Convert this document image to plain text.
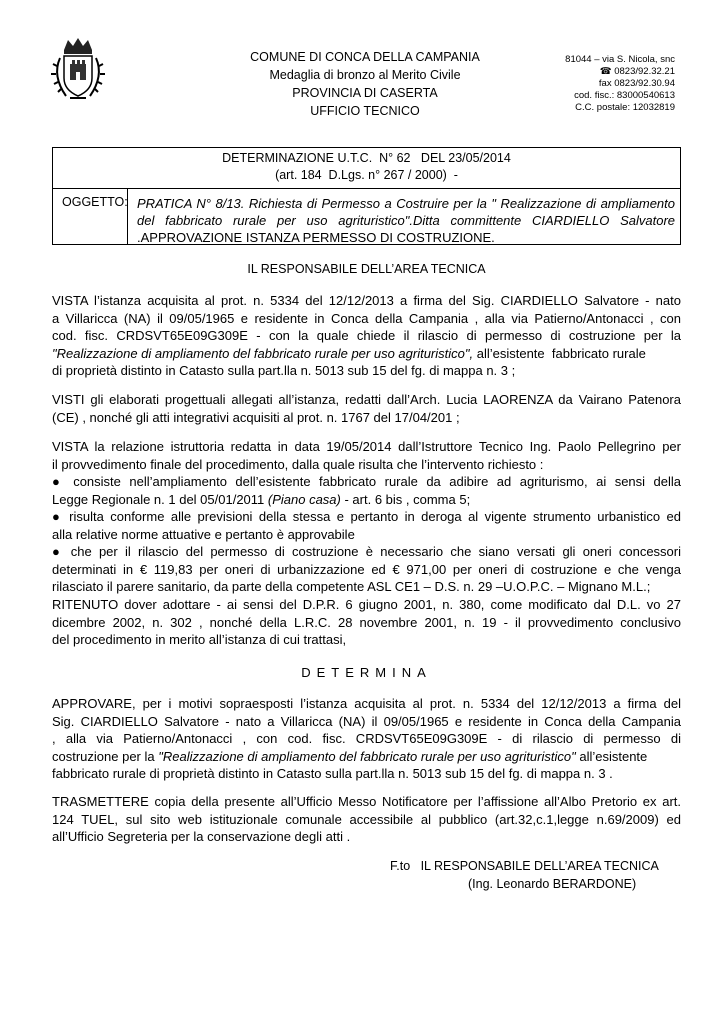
COMUNE DI CONCA DELLA CAMPANIA
Medaglia di bronzo al Merito Civile
PROVINCIA DI CASERTA
UFFICIO TECNICO
81044 – via S. Nicola, snc
☎ 0823/92.32.21
fax 0823/92.30.94
cod. fisc.: 83000540613
C.C. postale: 12032819
DETERMINAZIONE U.T.C.  N° 62   DEL 23/05/2014
(art. 184  D.Lgs. n° 267 / 2000)  -
OGGETTO: PRATICA N° 8/13. Richiesta di Permesso a Costruire per la " Realizzazione di ampliamento
del fabbricato rurale per uso agrituristico".Ditta committente CIARDIELLO Salvatore
.APPROVAZIONE ISTANZA PERMESSO DI COSTRUZIONE.
IL RESPONSABILE DELL’AREA TECNICA
VISTA l’istanza acquisita al prot. n. 5334 del 12/12/2013 a firma del Sig. CIARDIELLO Salvatore - nato
a Villaricca (NA) il 09/05/1965 e residente in Conca della Campania , alla via Patierno/Antonacci , con
cod. fisc. CRDSVT65E09G309E - con la quale chiede il rilascio di permesso di costruzione per la
"Realizzazione di ampliamento del fabbricato rurale per uso agrituristico", all’esistente  fabbricato rurale
di proprietà distinto in Catasto sulla part.lla n. 5013 sub 15 del fg. di mappa n. 3 ;
VISTI gli elaborati progettuali allegati all’istanza, redatti dall’Arch. Lucia LAORENZA da Vairano Patenora
(CE) , nonché gli atti integrativi acquisiti al prot. n. 1767 del 17/04/201 ;
VISTA la relazione istruttoria redatta in data 19/05/2014 dall’Istruttore Tecnico Ing. Paolo Pellegrino per
il provvedimento finale del procedimento, dalla quale risulta che l’intervento richiesto :
● consiste nell’ampliamento dell’esistente fabbricato rurale da adibire ad agriturismo, ai sensi della
Legge Regionale n. 1 del 05/01/2011 (Piano casa) - art. 6 bis , comma 5;
● risulta conforme alle previsioni della stessa e pertanto in deroga al vigente strumento urbanistico ed
alla relative norme attuative e pertanto è approvabile
● che per il rilascio del permesso di costruzione è necessario che siano versati gli oneri concessori
determinati in € 119,83 per oneri di urbanizzazione ed € 971,00 per oneri di costruzione e che venga
rilasciato il parere sanitario, da parte della competente ASL CE1 – D.S. n. 29 –U.O.P.C. – Mignano M.L.;
RITENUTO dover adottare - ai sensi del D.P.R. 6 giugno 2001, n. 380, come modificato dal D.L. vo 27
dicembre 2002, n. 302 , nonché della L.R.C. 28 novembre 2001, n. 19 - il provvedimento conclusivo
del procedimento in merito all’istanza di cui trattasi,
DETERMINA
APPROVARE, per i motivi sopraesposti l’istanza acquisita al prot. n. 5334 del 12/12/2013 a firma del
Sig. CIARDIELLO Salvatore - nato a Villaricca (NA) il 09/05/1965 e residente in Conca della Campania
, alla via Patierno/Antonacci , con cod. fisc. CRDSVT65E09G309E - di rilascio di permesso di
costruzione per la "Realizzazione di ampliamento del fabbricato rurale per uso agrituristico" all’esistente
fabbricato rurale di proprietà distinto in Catasto sulla part.lla n. 5013 sub 15 del fg. di mappa n. 3 .
TRASMETTERE copia della presente all’Ufficio Messo Notificatore per l’affissione all’Albo Pretorio ex art.
124 TUEL, sul sito web istituzionale comunale accessibile al pubblico (art.32,c.1,legge n.69/2009) ed
all’Ufficio Segreteria per la conservazione degli atti .
F.to   IL RESPONSABILE DELL’AREA TECNICA
(Ing. Leonardo BERARDONE)
